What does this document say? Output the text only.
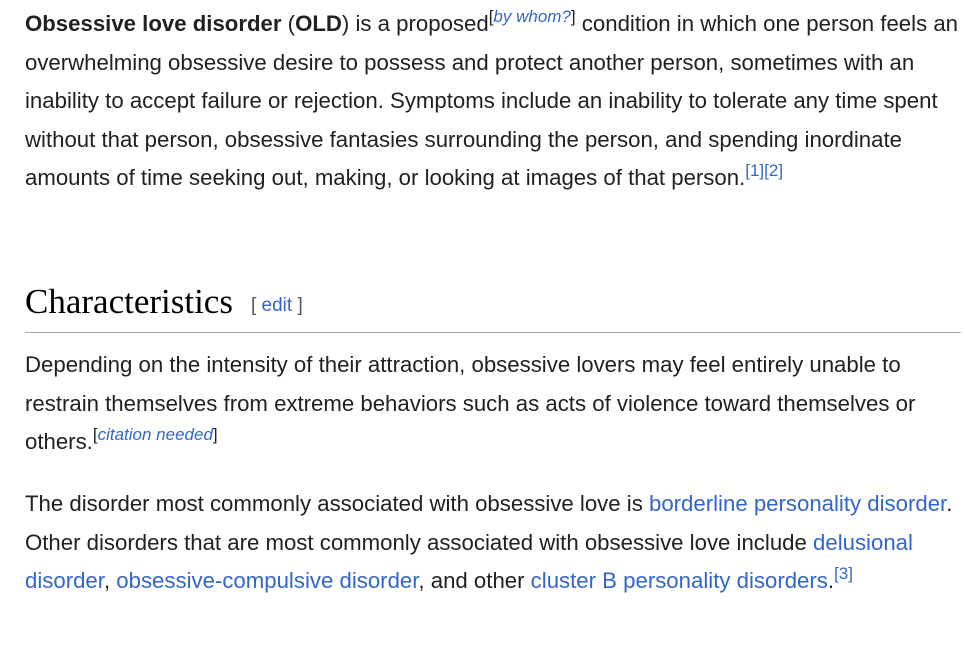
Obsessive love disorder (OLD) is a proposed[by whom?] condition in which one person feels an overwhelming obsessive desire to possess and protect another person, sometimes with an inability to accept failure or rejection. Symptoms include an inability to tolerate any time spent without that person, obsessive fantasies surrounding the person, and spending inordinate amounts of time seeking out, making, or looking at images of that person.[1][2]

Characteristics [ edit ]

Depending on the intensity of their attraction, obsessive lovers may feel entirely unable to restrain themselves from extreme behaviors such as acts of violence toward themselves or others.[citation needed]

The disorder most commonly associated with obsessive love is borderline personality disorder. Other disorders that are most commonly associated with obsessive love include delusional disorder, obsessive-compulsive disorder, and other cluster B personality disorders.[3]
